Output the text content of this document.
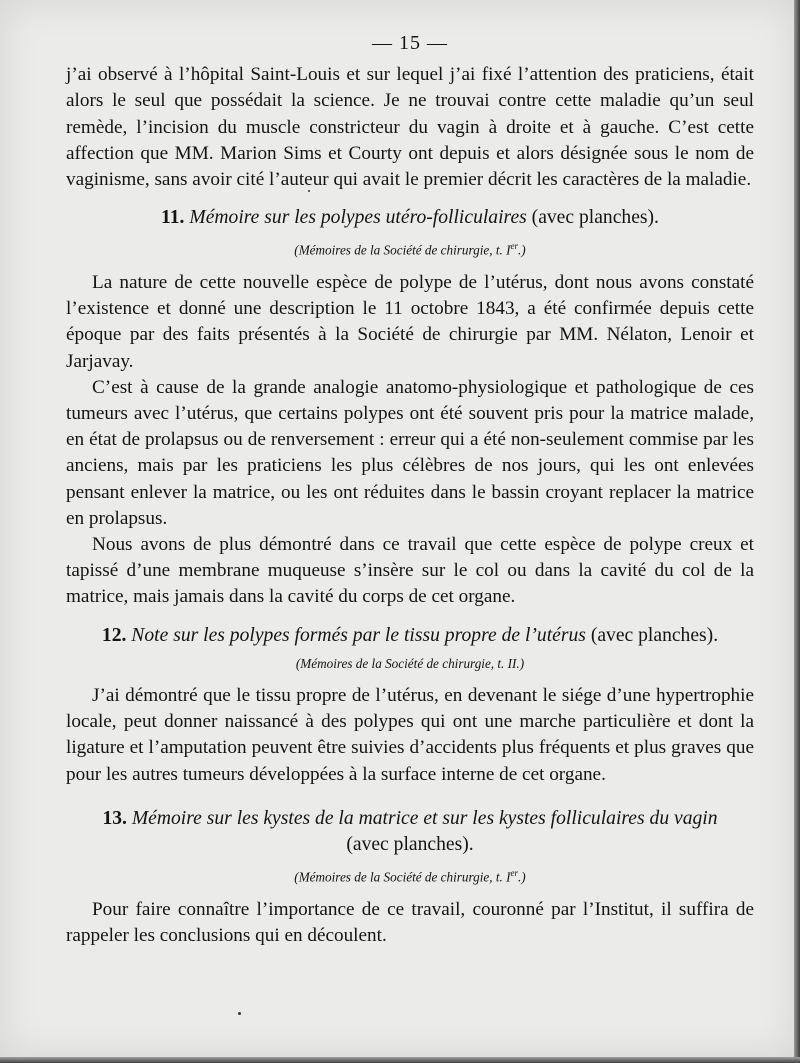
— 15 —

j’ai observé à l’hôpital Saint-Louis et sur lequel j’ai fixé l’attention des praticiens, était alors le seul que possédait la science. Je ne trouvai contre cette maladie qu’un seul remède, l’incision du muscle constricteur du vagin à droite et à gauche. C’est cette affection que MM. Marion Sims et Courty ont depuis et alors désignée sous le nom de vaginisme, sans avoir cité l’auteur qui avait le premier décrit les caractères de la maladie.

11. Mémoire sur les polypes utéro-folliculaires (avec planches).
(Mémoires de la Société de chirurgie, t. Ier.)

La nature de cette nouvelle espèce de polype de l’utérus, dont nous avons constaté l’existence et donné une description le 11 octobre 1843, a été confirmée depuis cette époque par des faits présentés à la Société de chirurgie par MM. Nélaton, Lenoir et Jarjavay.

C’est à cause de la grande analogie anatomo-physiologique et pathologique de ces tumeurs avec l’utérus, que certains polypes ont été souvent pris pour la matrice malade, en état de prolapsus ou de renversement : erreur qui a été non-seulement commise par les anciens, mais par les praticiens les plus célèbres de nos jours, qui les ont enlevées pensant enlever la matrice, ou les ont réduites dans le bassin croyant replacer la matrice en prolapsus.

Nous avons de plus démontré dans ce travail que cette espèce de polype creux et tapissé d’une membrane muqueuse s’insère sur le col ou dans la cavité du col de la matrice, mais jamais dans la cavité du corps de cet organe.

12. Note sur les polypes formés par le tissu propre de l’utérus (avec planches).
(Mémoires de la Société de chirurgie, t. II.)

J’ai démontré que le tissu propre de l’utérus, en devenant le siége d’une hypertrophie locale, peut donner naissancé à des polypes qui ont une marche particulière et dont la ligature et l’amputation peuvent être suivies d’accidents plus fréquents et plus graves que pour les autres tumeurs développées à la surface interne de cet organe.

13. Mémoire sur les kystes de la matrice et sur les kystes folliculaires du vagin
(avec planches).
(Mémoires de la Société de chirurgie, t. Ier.)

Pour faire connaître l’importance de ce travail, couronné par l’Institut, il suffira de rappeler les conclusions qui en découlent.
